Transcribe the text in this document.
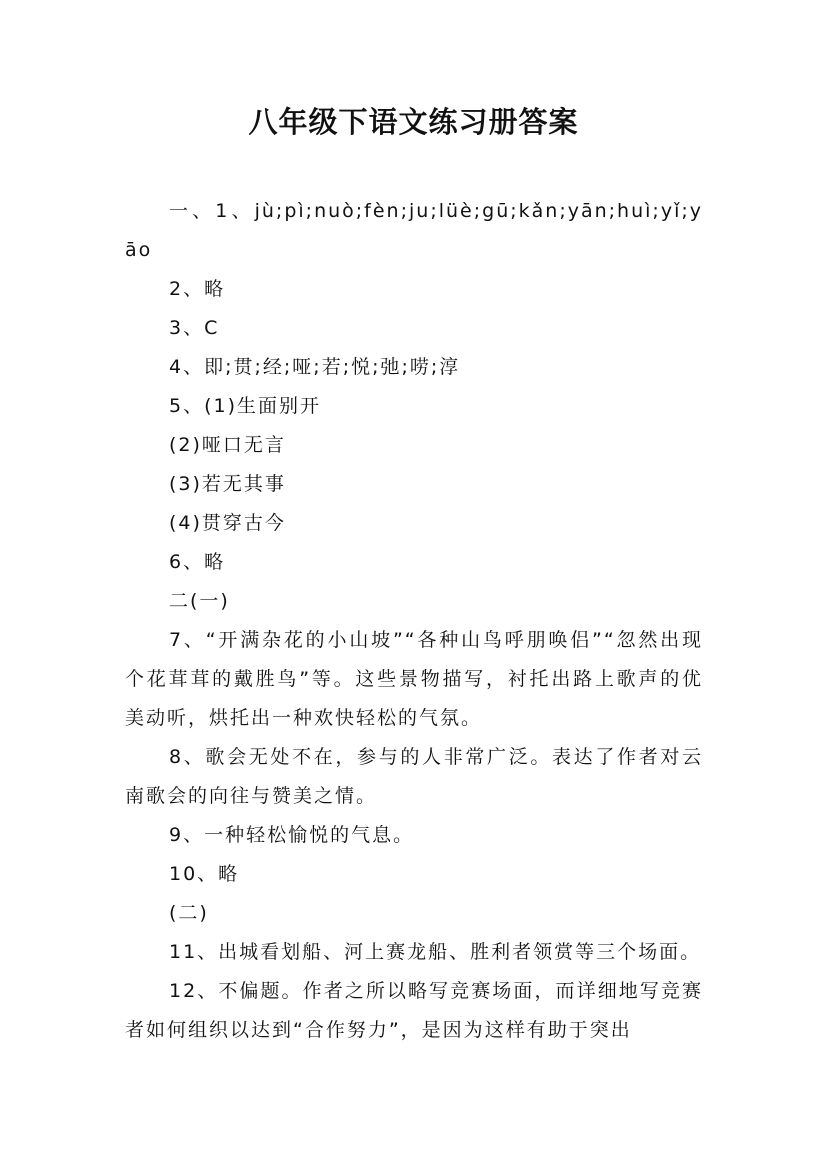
八年级下语文练习册答案

一、1、jù;pì;nuò;fèn;ju;lüè;gū;kǎn;yān;huì;yǐ;yāo

2、略

3、C

4、即;贯;经;哑;若;悦;弛;唠;淳

5、(1)生面别开

(2)哑口无言

(3)若无其事

(4)贯穿古今

6、略

二(一)

7、“开满杂花的小山坡”“各种山鸟呼朋唤侣”“忽然出现个花茸茸的戴胜鸟”等。这些景物描写，衬托出路上歌声的优美动听，烘托出一种欢快轻松的气氛。

8、歌会无处不在，参与的人非常广泛。表达了作者对云南歌会的向往与赞美之情。

9、一种轻松愉悦的气息。

10、略

(二)

11、出城看划船、河上赛龙船、胜利者领赏等三个场面。

12、不偏题。作者之所以略写竞赛场面，而详细地写竞赛者如何组织以达到“合作努力”，是因为这样有助于突出
